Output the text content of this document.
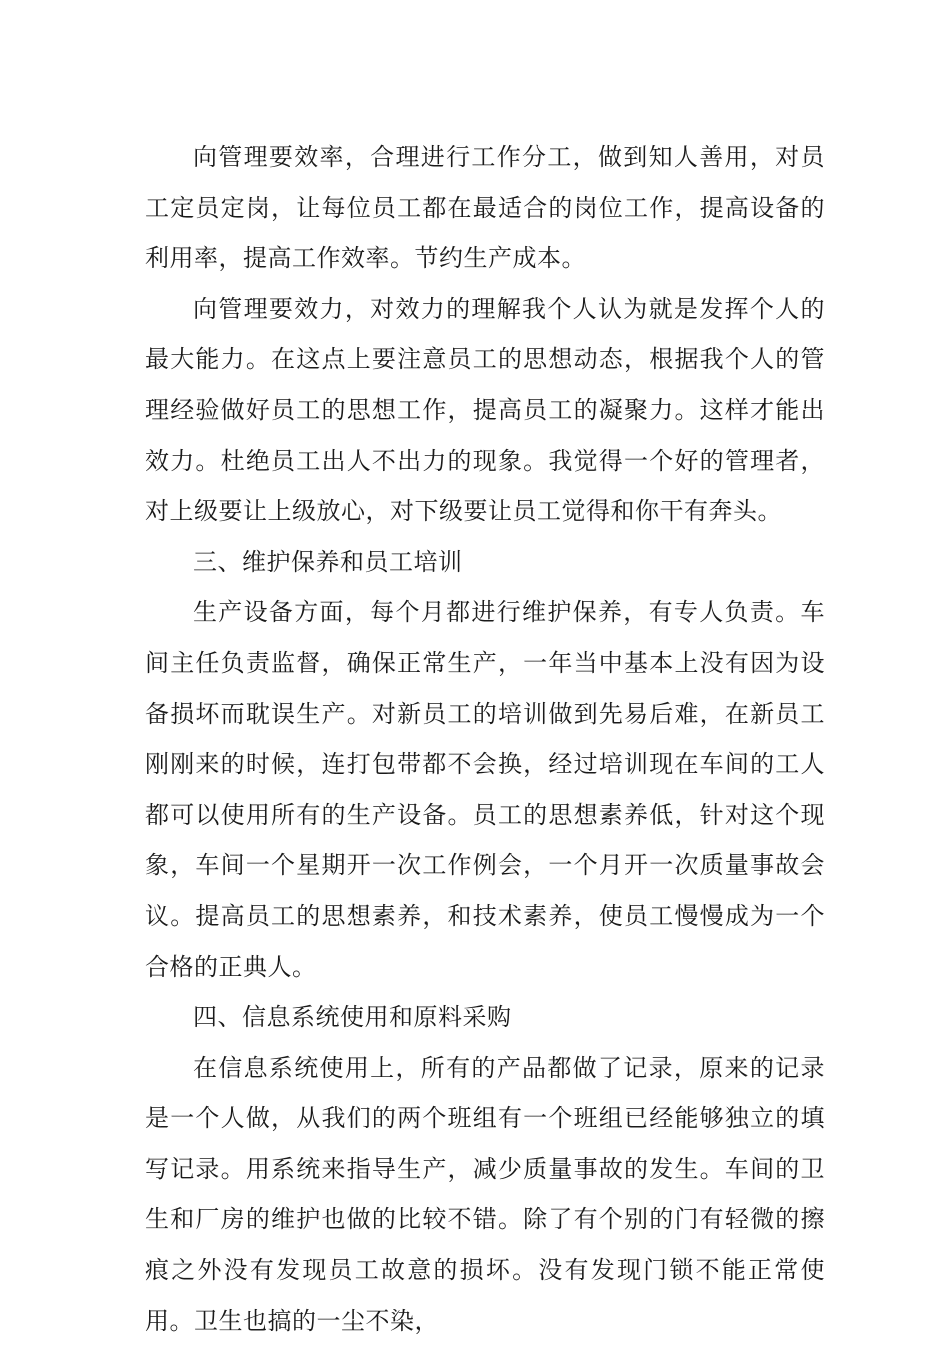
向管理要效率，合理进行工作分工，做到知人善用，对员工定员定岗，让每位员工都在最适合的岗位工作，提高设备的利用率，提高工作效率。节约生产成本。

向管理要效力，对效力的理解我个人认为就是发挥个人的最大能力。在这点上要注意员工的思想动态，根据我个人的管理经验做好员工的思想工作，提高员工的凝聚力。这样才能出效力。杜绝员工出人不出力的现象。我觉得一个好的管理者，对上级要让上级放心，对下级要让员工觉得和你干有奔头。

三、维护保养和员工培训

生产设备方面，每个月都进行维护保养，有专人负责。车间主任负责监督，确保正常生产，一年当中基本上没有因为设备损坏而耽误生产。对新员工的培训做到先易后难，在新员工刚刚来的时候，连打包带都不会换，经过培训现在车间的工人都可以使用所有的生产设备。员工的思想素养低，针对这个现象，车间一个星期开一次工作例会，一个月开一次质量事故会议。提高员工的思想素养，和技术素养，使员工慢慢成为一个合格的正典人。

四、信息系统使用和原料采购

在信息系统使用上，所有的产品都做了记录，原来的记录是一个人做，从我们的两个班组有一个班组已经能够独立的填写记录。用系统来指导生产，减少质量事故的发生。车间的卫生和厂房的维护也做的比较不错。除了有个别的门有轻微的擦痕之外没有发现员工故意的损坏。没有发现门锁不能正常使用。卫生也搞的一尘不染，
